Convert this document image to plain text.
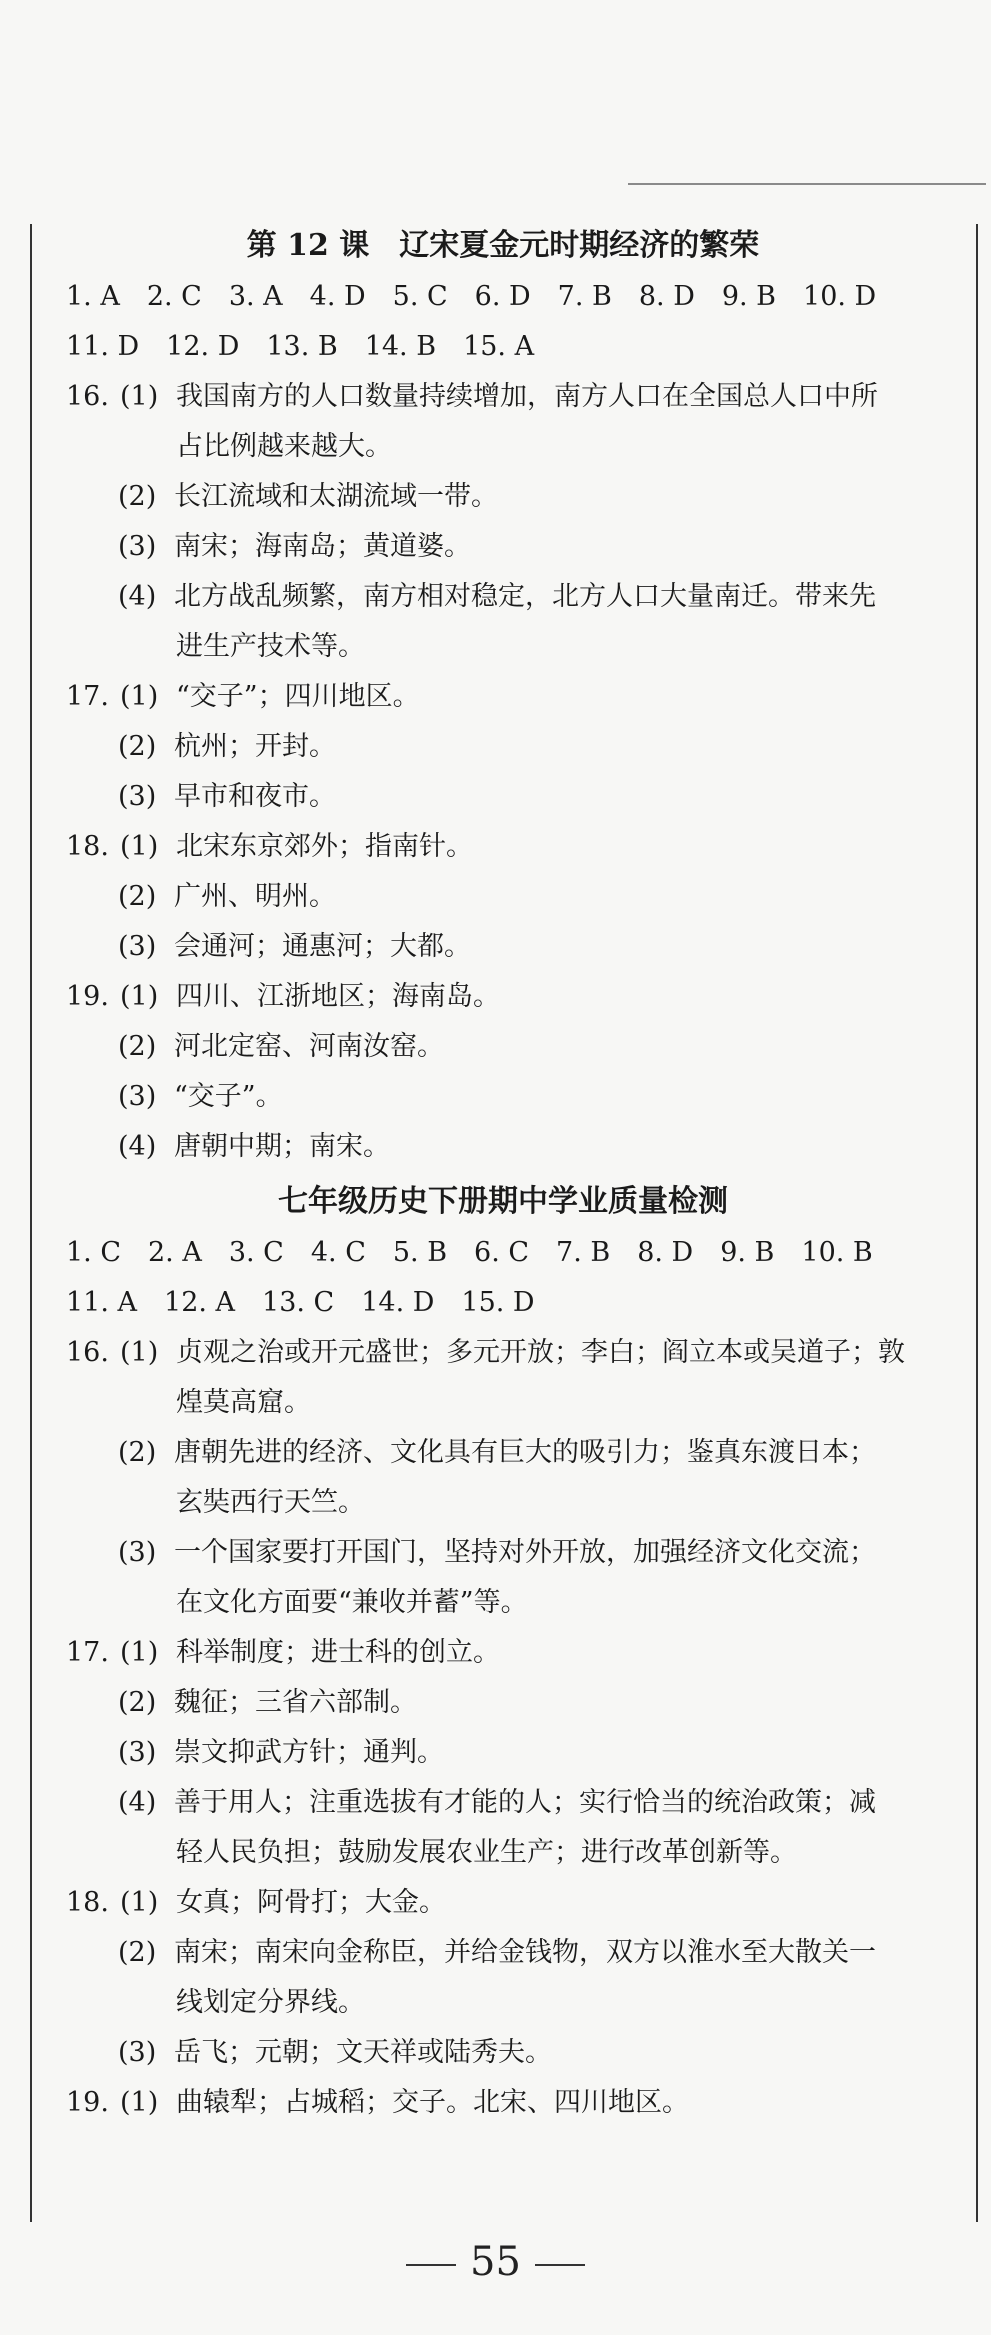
第 12 课　辽宋夏金元时期经济的繁荣
1. A　2. C　3. A　4. D　5. C　6. D　7. B　8. D　9. B　10. D
11. D　12. D　13. B　14. B　15. A
16. (1) 我国南方的人口数量持续增加，南方人口在全国总人口中所
占比例越来越大。
(2) 长江流域和太湖流域一带。
(3) 南宋；海南岛；黄道婆。
(4) 北方战乱频繁，南方相对稳定，北方人口大量南迁。带来先
进生产技术等。
17. (1) “交子”；四川地区。
(2) 杭州；开封。
(3) 早市和夜市。
18. (1) 北宋东京郊外；指南针。
(2) 广州、明州。
(3) 会通河；通惠河；大都。
19. (1) 四川、江浙地区；海南岛。
(2) 河北定窑、河南汝窑。
(3) “交子”。
(4) 唐朝中期；南宋。
七年级历史下册期中学业质量检测
1. C　2. A　3. C　4. C　5. B　6. C　7. B　8. D　9. B　10. B
11. A　12. A　13. C　14. D　15. D
16. (1) 贞观之治或开元盛世；多元开放；李白；阎立本或吴道子；敦
煌莫高窟。
(2) 唐朝先进的经济、文化具有巨大的吸引力；鉴真东渡日本；
玄奘西行天竺。
(3) 一个国家要打开国门，坚持对外开放，加强经济文化交流；
在文化方面要“兼收并蓄”等。
17. (1) 科举制度；进士科的创立。
(2) 魏征；三省六部制。
(3) 崇文抑武方针；通判。
(4) 善于用人；注重选拔有才能的人；实行恰当的统治政策；减
轻人民负担；鼓励发展农业生产；进行改革创新等。
18. (1) 女真；阿骨打；大金。
(2) 南宋；南宋向金称臣，并给金钱物，双方以淮水至大散关一
线划定分界线。
(3) 岳飞；元朝；文天祥或陆秀夫。
19. (1) 曲辕犁；占城稻；交子。北宋、四川地区。
55
